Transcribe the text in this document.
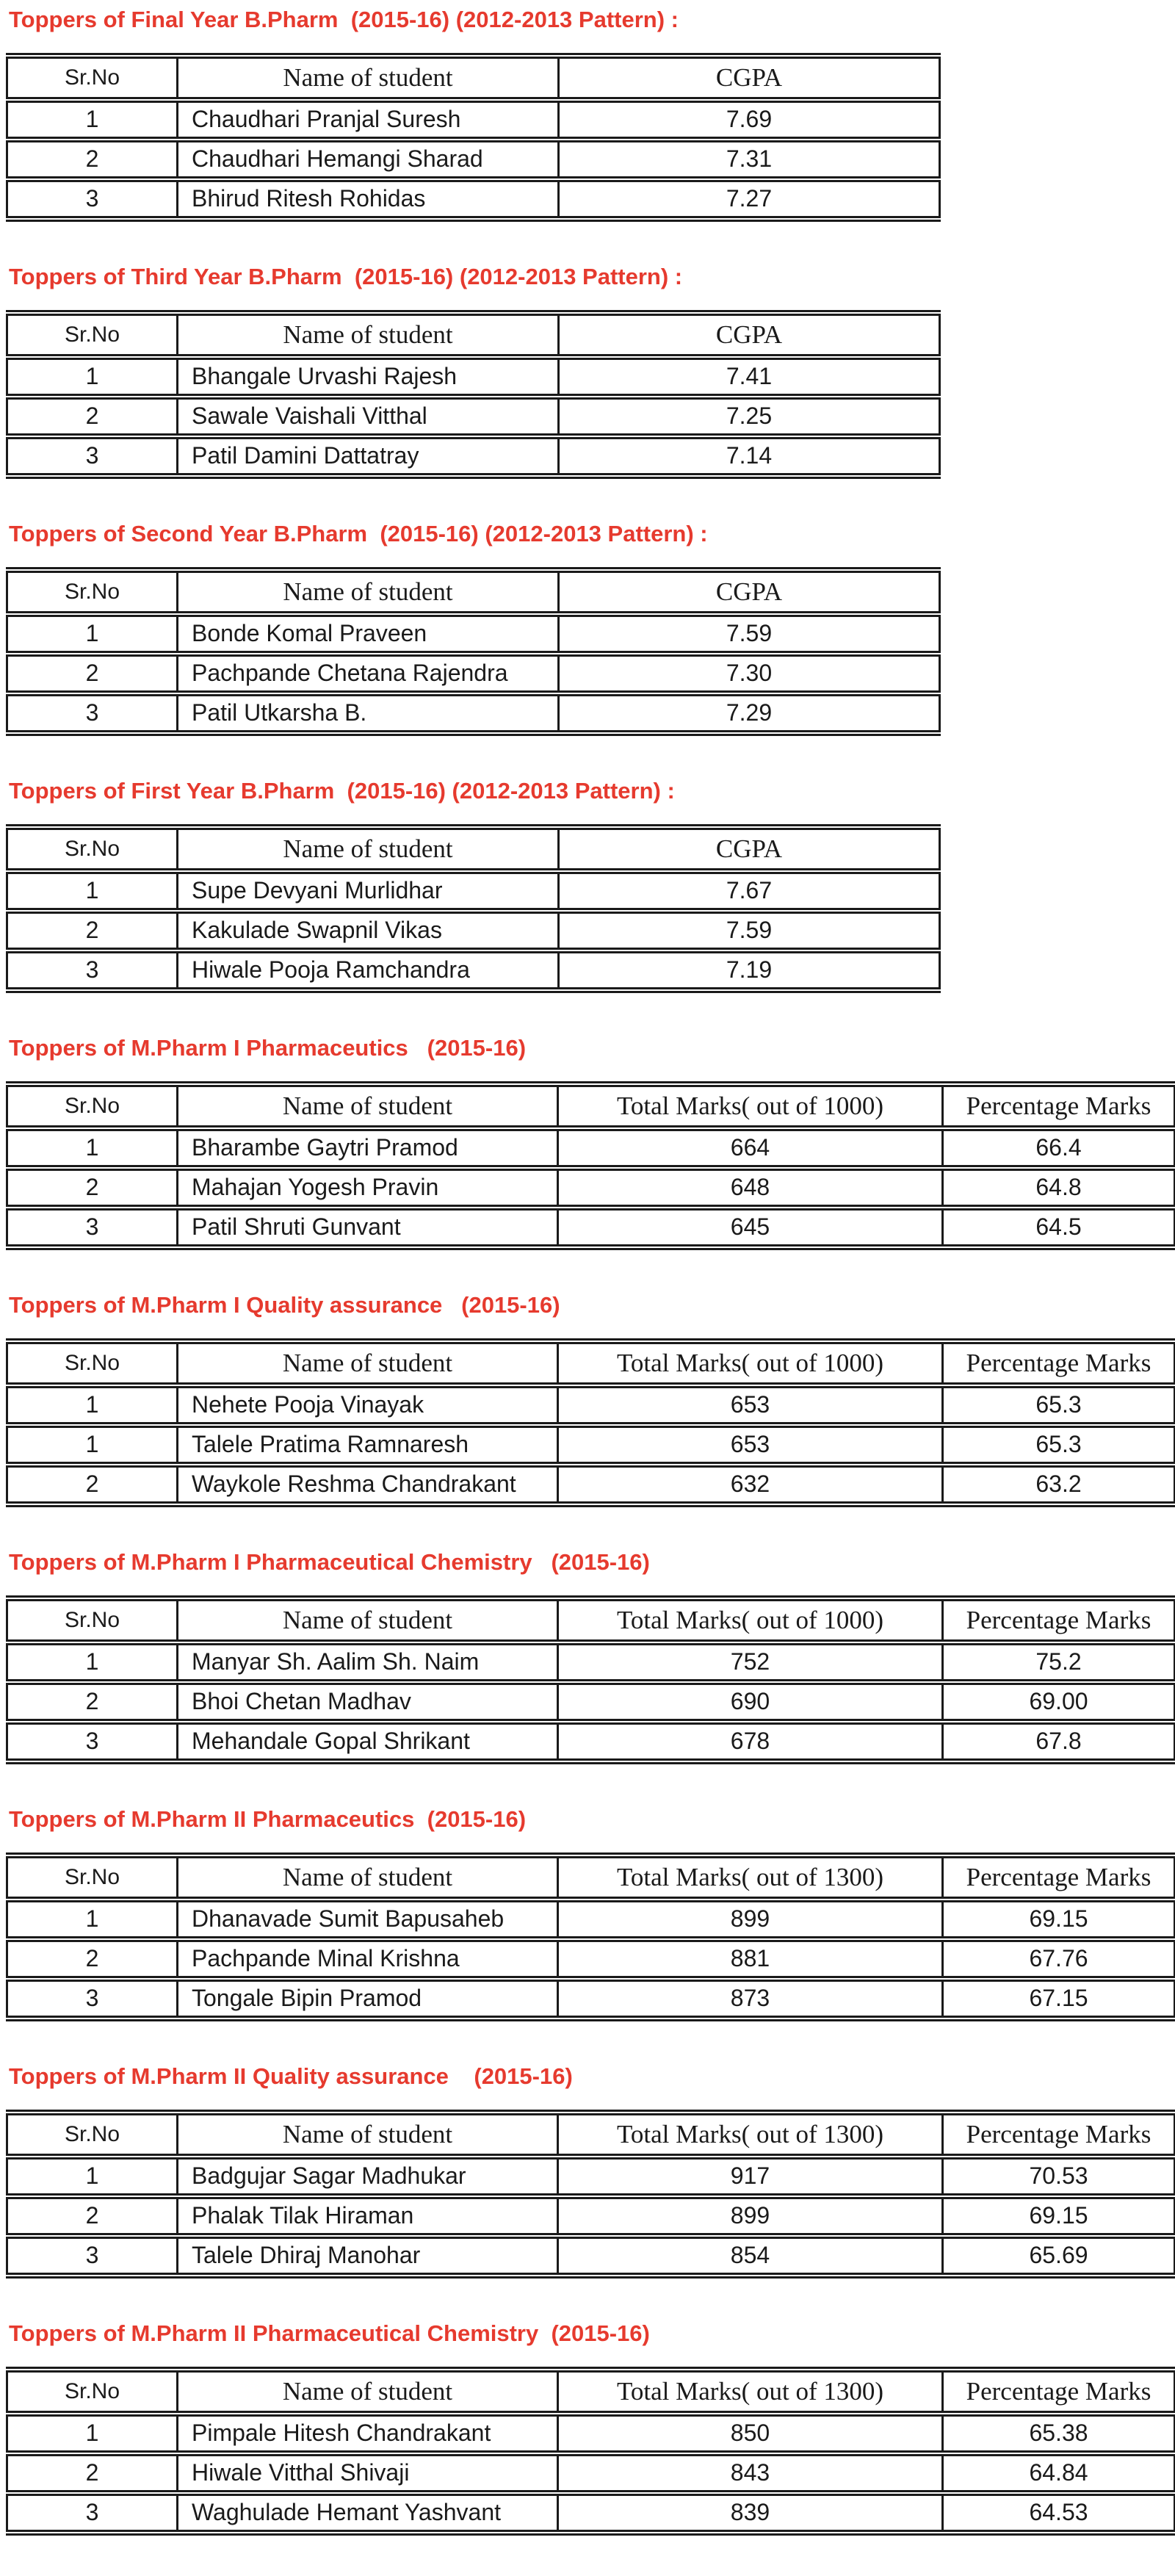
Toppers of Final Year B.Pharm  (2015-16) (2012-2013 Pattern) :
Sr.No	Name of student	CGPA
1	Chaudhari Pranjal Suresh	7.69
2	Chaudhari Hemangi Sharad	7.31
3	Bhirud Ritesh Rohidas	7.27
Toppers of Third Year B.Pharm  (2015-16) (2012-2013 Pattern) :
Sr.No	Name of student	CGPA
1	Bhangale Urvashi Rajesh	7.41
2	Sawale Vaishali Vitthal	7.25
3	Patil Damini Dattatray	7.14
Toppers of Second Year B.Pharm  (2015-16) (2012-2013 Pattern) :
Sr.No	Name of student	CGPA
1	Bonde Komal Praveen	7.59
2	Pachpande Chetana Rajendra	7.30
3	Patil Utkarsha B.	7.29
Toppers of First Year B.Pharm  (2015-16) (2012-2013 Pattern) :
Sr.No	Name of student	CGPA
1	Supe Devyani Murlidhar	7.67
2	Kakulade Swapnil Vikas	7.59
3	Hiwale Pooja Ramchandra	7.19
Toppers of M.Pharm I Pharmaceutics   (2015-16)
Sr.No	Name of student	Total Marks( out of 1000)	Percentage Marks
1	Bharambe Gaytri Pramod	664	66.4
2	Mahajan Yogesh Pravin	648	64.8
3	Patil Shruti Gunvant	645	64.5
Toppers of M.Pharm I Quality assurance   (2015-16)
Sr.No	Name of student	Total Marks( out of 1000)	Percentage Marks
1	Nehete Pooja Vinayak	653	65.3
1	Talele Pratima Ramnaresh	653	65.3
2	Waykole Reshma Chandrakant	632	63.2
Toppers of M.Pharm I Pharmaceutical Chemistry   (2015-16)
Sr.No	Name of student	Total Marks( out of 1000)	Percentage Marks
1	Manyar Sh. Aalim Sh. Naim	752	75.2
2	Bhoi Chetan Madhav	690	69.00
3	Mehandale Gopal Shrikant	678	67.8
Toppers of M.Pharm II Pharmaceutics  (2015-16)
Sr.No	Name of student	Total Marks( out of 1300)	Percentage Marks
1	Dhanavade Sumit Bapusaheb	899	69.15
2	Pachpande Minal Krishna	881	67.76
3	Tongale Bipin Pramod	873	67.15
Toppers of M.Pharm II Quality assurance    (2015-16)
Sr.No	Name of student	Total Marks( out of 1300)	Percentage Marks
1	Badgujar Sagar Madhukar	917	70.53
2	Phalak Tilak Hiraman	899	69.15
3	Talele Dhiraj Manohar	854	65.69
Toppers of M.Pharm II Pharmaceutical Chemistry  (2015-16)
Sr.No	Name of student	Total Marks( out of 1300)	Percentage Marks
1	Pimpale Hitesh Chandrakant	850	65.38
2	Hiwale Vitthal Shivaji	843	64.84
3	Waghulade Hemant Yashvant	839	64.53
